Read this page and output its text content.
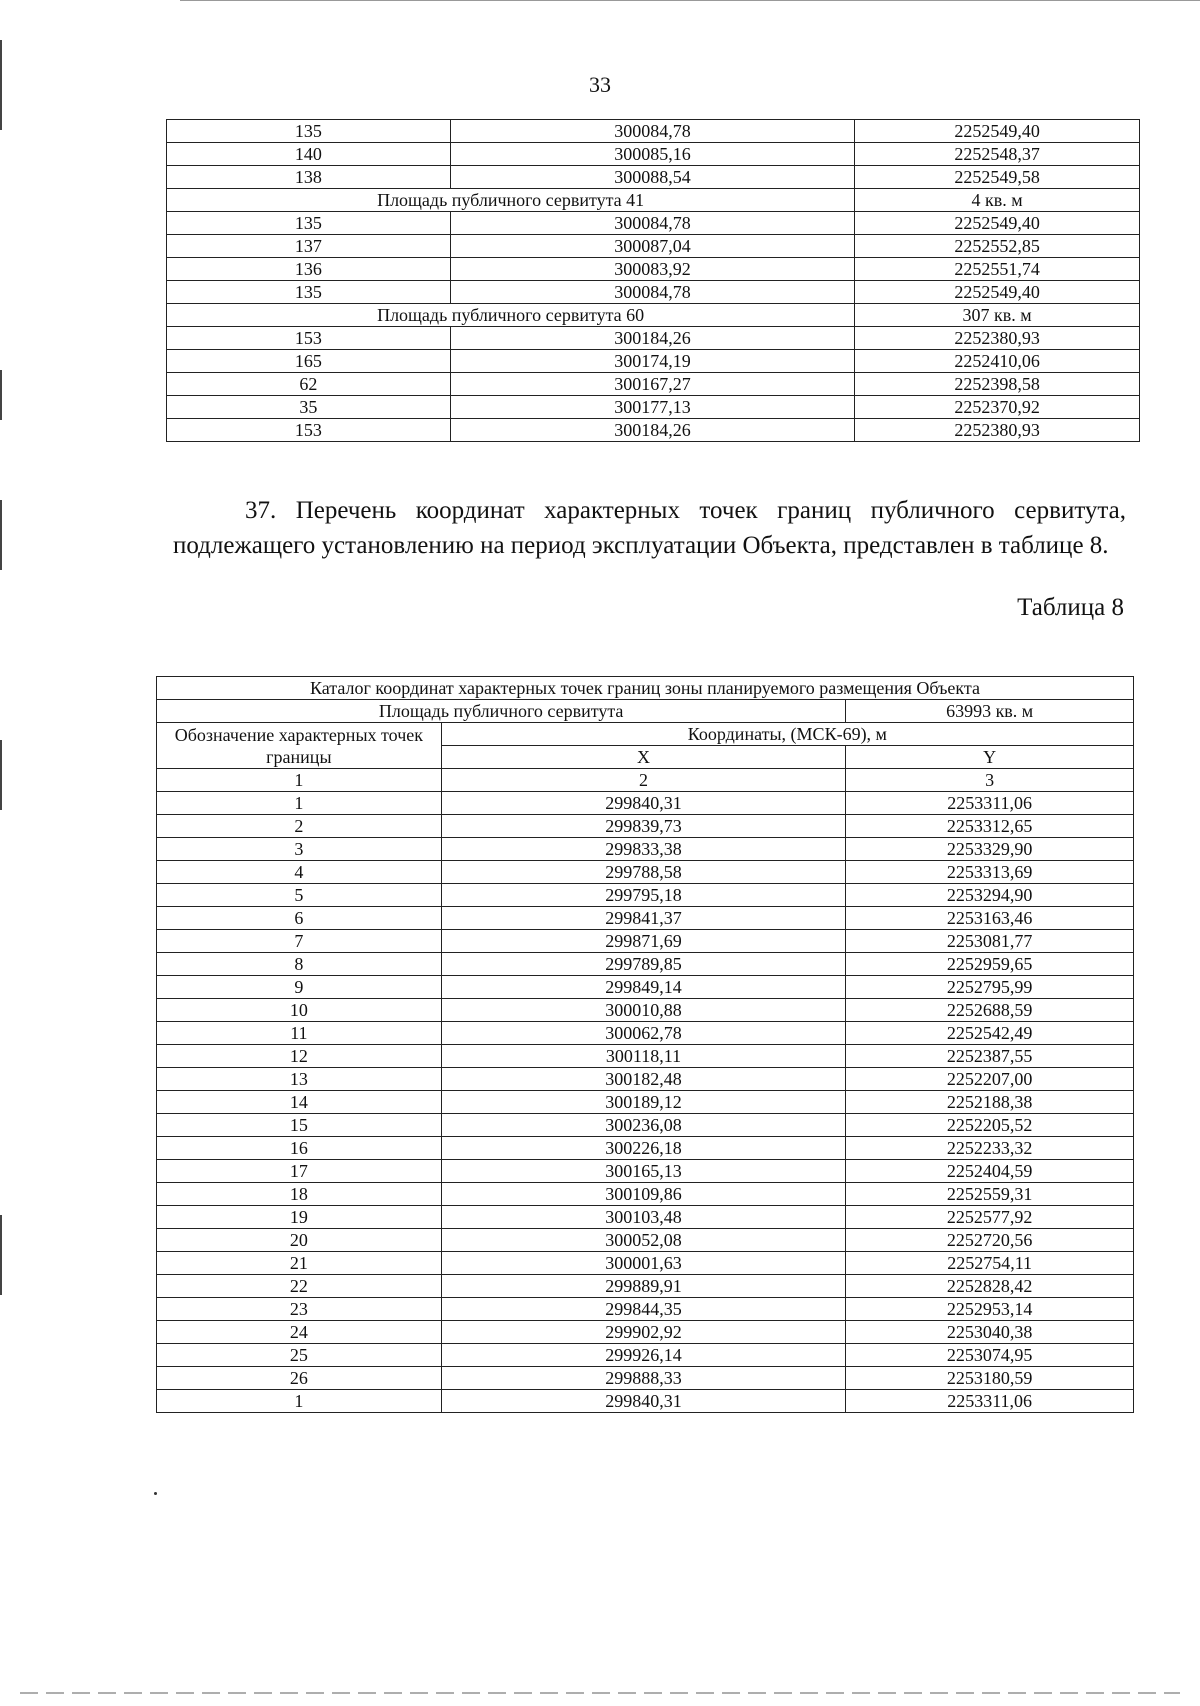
33
135	300084,78	2252549,40
140	300085,16	2252548,37
138	300088,54	2252549,58
Площадь публичного сервитута 41		4 кв. м
135	300084,78	2252549,40
137	300087,04	2252552,85
136	300083,92	2252551,74
135	300084,78	2252549,40
Площадь публичного сервитута 60		307 кв. м
153	300184,26	2252380,93
165	300174,19	2252410,06
62	300167,27	2252398,58
35	300177,13	2252370,92
153	300184,26	2252380,93
37. Перечень координат характерных точек границ публичного сервитута, подлежащего установлению на период эксплуатации Объекта, представлен в таблице 8.
Таблица 8
Каталог координат характерных точек границ зоны планируемого размещения Объекта		
Площадь публичного сервитута		63993 кв. м
Обозначение характерных точек границы	Координаты, (МСК-69), м	
	X	Y
1	2	3
1	299840,31	2253311,06
2	299839,73	2253312,65
3	299833,38	2253329,90
4	299788,58	2253313,69
5	299795,18	2253294,90
6	299841,37	2253163,46
7	299871,69	2253081,77
8	299789,85	2252959,65
9	299849,14	2252795,99
10	300010,88	2252688,59
11	300062,78	2252542,49
12	300118,11	2252387,55
13	300182,48	2252207,00
14	300189,12	2252188,38
15	300236,08	2252205,52
16	300226,18	2252233,32
17	300165,13	2252404,59
18	300109,86	2252559,31
19	300103,48	2252577,92
20	300052,08	2252720,56
21	300001,63	2252754,11
22	299889,91	2252828,42
23	299844,35	2252953,14
24	299902,92	2253040,38
25	299926,14	2253074,95
26	299888,33	2253180,59
1	299840,31	2253311,06
